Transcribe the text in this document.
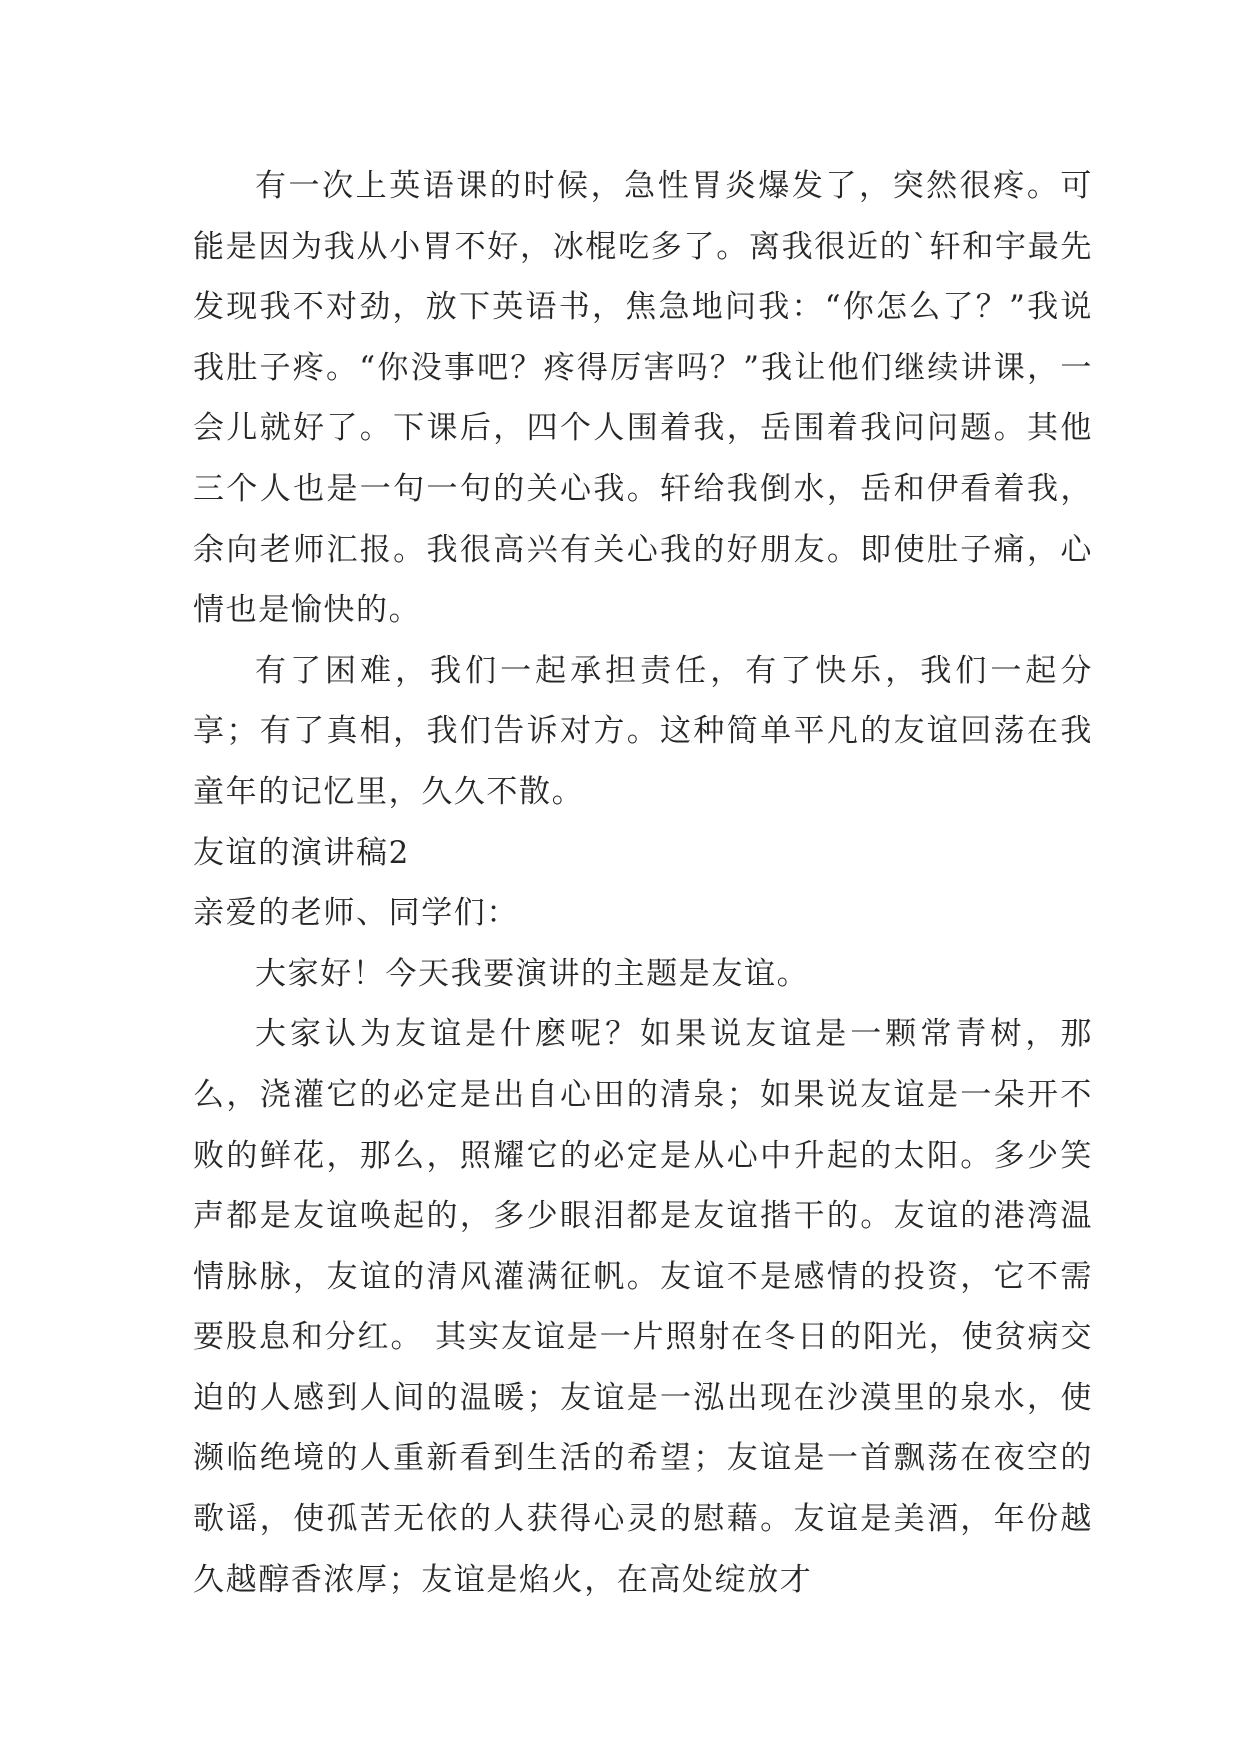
有一次上英语课的时候，急性胃炎爆发了，突然很疼。可能是因为我从小胃不好，冰棍吃多了。离我很近的`轩和宇最先发现我不对劲，放下英语书，焦急地问我：“你怎么了？”我说我肚子疼。“你没事吧？疼得厉害吗？”我让他们继续讲课，一会儿就好了。下课后，四个人围着我，岳围着我问问题。其他三个人也是一句一句的关心我。轩给我倒水，岳和伊看着我，余向老师汇报。我很高兴有关心我的好朋友。即使肚子痛，心情也是愉快的。

有了困难，我们一起承担责任，有了快乐，我们一起分享；有了真相，我们告诉对方。这种简单平凡的友谊回荡在我童年的记忆里，久久不散。

友谊的演讲稿2

亲爱的老师、同学们：

大家好！今天我要演讲的主题是友谊。

大家认为友谊是什麽呢？如果说友谊是一颗常青树，那么，浇灌它的必定是出自心田的清泉；如果说友谊是一朵开不败的鲜花，那么，照耀它的必定是从心中升起的太阳。多少笑声都是友谊唤起的，多少眼泪都是友谊揩干的。友谊的港湾温情脉脉，友谊的清风灌满征帆。友谊不是感情的投资，它不需要股息和分红。 其实友谊是一片照射在冬日的阳光，使贫病交迫的人感到人间的温暖；友谊是一泓出现在沙漠里的泉水，使濒临绝境的人重新看到生活的希望；友谊是一首飘荡在夜空的歌谣，使孤苦无依的人获得心灵的慰藉。友谊是美酒，年份越久越醇香浓厚；友谊是焰火，在高处绽放才
